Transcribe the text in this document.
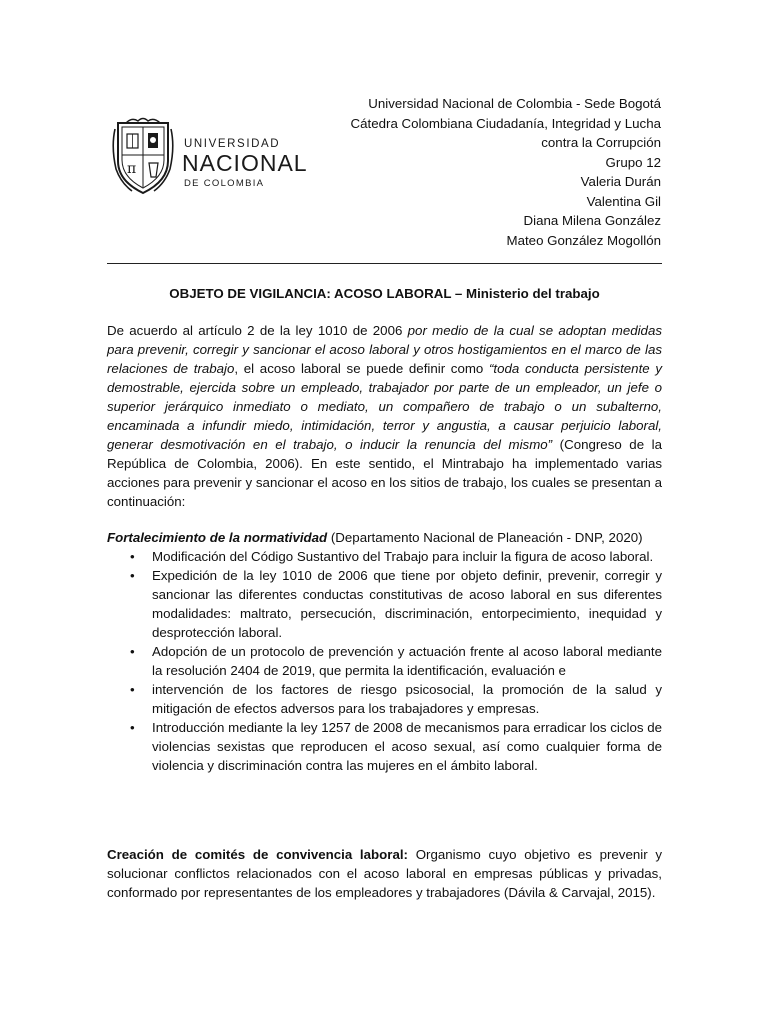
π
UNIVERSIDAD
NACIONAL
DE COLOMBIA
Universidad Nacional de Colombia - Sede Bogotá
Cátedra Colombiana Ciudadanía, Integridad y Lucha
contra la Corrupción
Grupo 12
Valeria Durán
Valentina Gil
Diana Milena González
Mateo González Mogollón
OBJETO DE VIGILANCIA: ACOSO LABORAL – Ministerio del trabajo
De acuerdo al artículo 2 de la ley 1010 de 2006 por medio de la cual se adoptan medidas para prevenir, corregir y sancionar el acoso laboral y otros hostigamientos en el marco de las relaciones de trabajo, el acoso laboral se puede definir como “toda conducta persistente y demostrable, ejercida sobre un empleado, trabajador por parte de un empleador, un jefe o superior jerárquico inmediato o mediato, un compañero de trabajo o un subalterno, encaminada a infundir miedo, intimidación, terror y angustia, a causar perjuicio laboral, generar desmotivación en el trabajo, o inducir la renuncia del mismo” (Congreso de la República de Colombia, 2006). En este sentido, el Mintrabajo ha implementado varias acciones para prevenir y sancionar el acoso en los sitios de trabajo, los cuales se presentan a continuación:
Fortalecimiento de la normatividad (Departamento Nacional de Planeación - DNP, 2020)
• Modificación del Código Sustantivo del Trabajo para incluir la figura de acoso laboral.
• Expedición de la ley 1010 de 2006 que tiene por objeto definir, prevenir, corregir y sancionar las diferentes conductas constitutivas de acoso laboral en sus diferentes modalidades: maltrato, persecución, discriminación, entorpecimiento, inequidad y desprotección laboral.
• Adopción de un protocolo de prevención y actuación frente al acoso laboral mediante la resolución 2404 de 2019, que permita la identificación, evaluación e
• intervención de los factores de riesgo psicosocial, la promoción de la salud y mitigación de efectos adversos para los trabajadores y empresas.
• Introducción mediante la ley 1257 de 2008 de mecanismos para erradicar los ciclos de violencias sexistas que reproducen el acoso sexual, así como cualquier forma de violencia y discriminación contra las mujeres en el ámbito laboral.
Creación de comités de convivencia laboral: Organismo cuyo objetivo es prevenir y solucionar conflictos relacionados con el acoso laboral en empresas públicas y privadas, conformado por representantes de los empleadores y trabajadores (Dávila & Carvajal, 2015).
